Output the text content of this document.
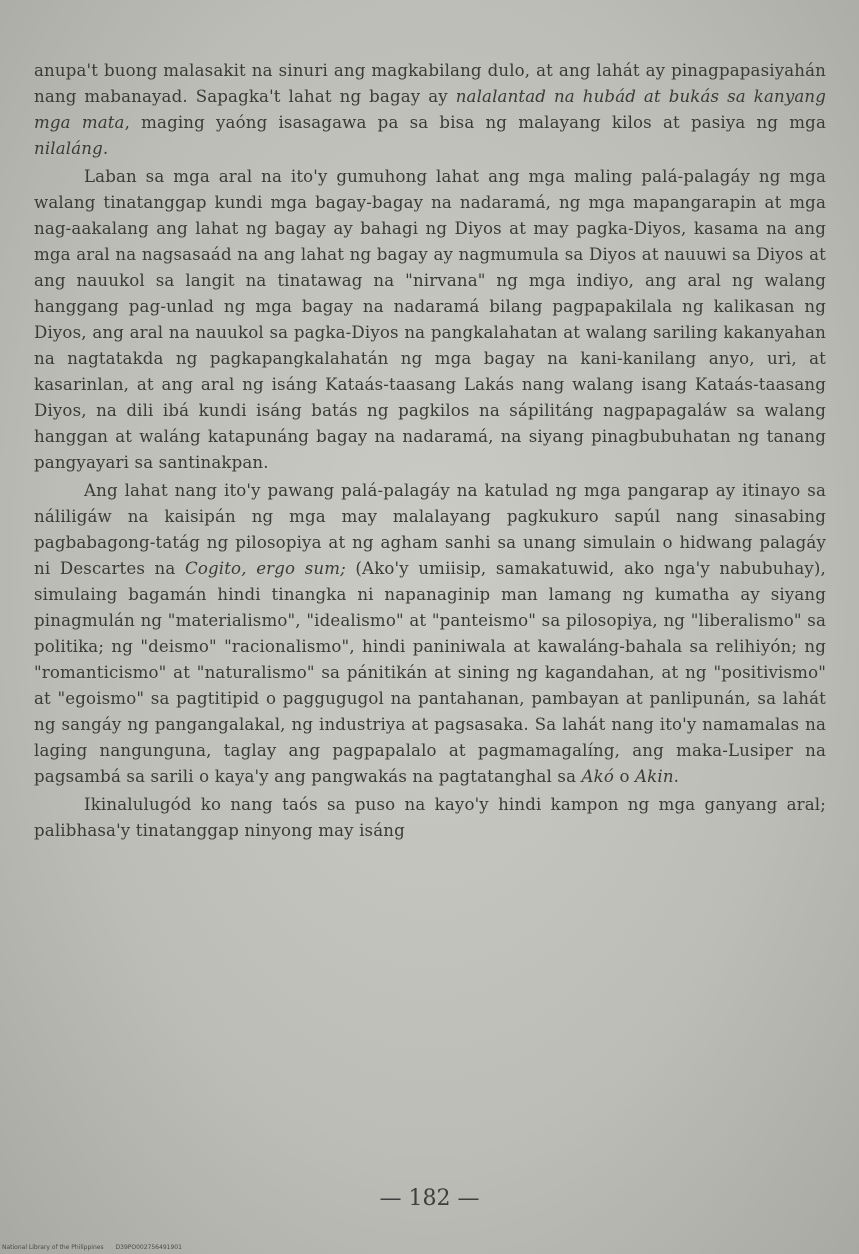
anupa't buong malasakit na sinuri ang magkabilang dulo, at ang lahát ay pinagpapasiyahán nang mabanayad. Sapagka't lahat ng bagay ay nalalantad na hubád at bukás sa kanyang mga mata, maging yaóng isasagawa pa sa bisa ng malayang kilos at pasiya ng mga nilaláng.

Laban sa mga aral na ito'y gumuhong lahat ang mga maling palá-palagáy ng mga walang tinatanggap kundi mga bagay-bagay na nadaramá, ng mga mapangarapin at mga nag-aakalang ang lahat ng bagay ay bahagi ng Diyos at may pagka-Diyos, kasama na ang mga aral na nagsasaád na ang lahat ng bagay ay nagmumula sa Diyos at nauuwi sa Diyos at ang nauukol sa langit na tinatawag na "nirvana" ng mga indiyo, ang aral ng walang hanggang pag-unlad ng mga bagay na nadaramá bilang pagpapakilala ng kalikasan ng Diyos, ang aral na nauukol sa pagka-Diyos na pangkalahatan at walang sariling kakanyahan na nagtatakda ng pagkapangkalahatán ng mga bagay na kani-kanilang anyo, uri, at kasarinlan, at ang aral ng isáng Kataás-taasang Lakás nang walang isang Kataás-taasang Diyos, na dili ibá kundi isáng batás ng pagkilos na sápilitáng nagpapagaláw sa walang hanggan at waláng katapunáng bagay na nadaramá, na siyang pinagbubuhatan ng tanang pangyayari sa santinakpan.

Ang lahat nang ito'y pawang palá-palagáy na katulad ng mga pangarap ay itinayo sa náliligáw na kaisipán ng mga may malalayang pagkukuro sapúl nang sinasabing pagbabagong-tatág ng pilosopiya at ng agham sanhi sa unang simulain o hidwang palagáy ni Descartes na Cogito, ergo sum; (Ako'y umiisip, samakatuwid, ako nga'y nabubuhay), simulaing bagamán hindi tinangka ni napanaginip man lamang ng kumatha ay siyang pinagmulán ng "materialismo", "idealismo" at "panteismo" sa pilosopiya, ng "liberalismo" sa politika; ng "deismo" "racionalismo", hindi paniniwala at kawaláng-bahala sa relihiyón; ng "romanticismo" at "naturalismo" sa pánitikán at sining ng kagandahan, at ng "positivismo" at "egoismo" sa pagtitipid o paggugugol na pantahanan, pambayan at panlipunán, sa lahát ng sangáy ng pangangalakal, ng industriya at pagsasaka. Sa lahát nang ito'y namamalas na laging nangunguna, taglay ang pagpapalalo at pagmamagalíng, ang maka-Lusiper na pagsambá sa sarili o kaya'y ang pangwakás na pagtatanghal sa Akó o Akin.

Ikinalulugód ko nang taós sa puso na kayo'y hindi kampon ng mga ganyang aral; palibhasa'y tinatanggap ninyong may isáng

— 182 —
National Library of the Philippines D39PO002756491901
